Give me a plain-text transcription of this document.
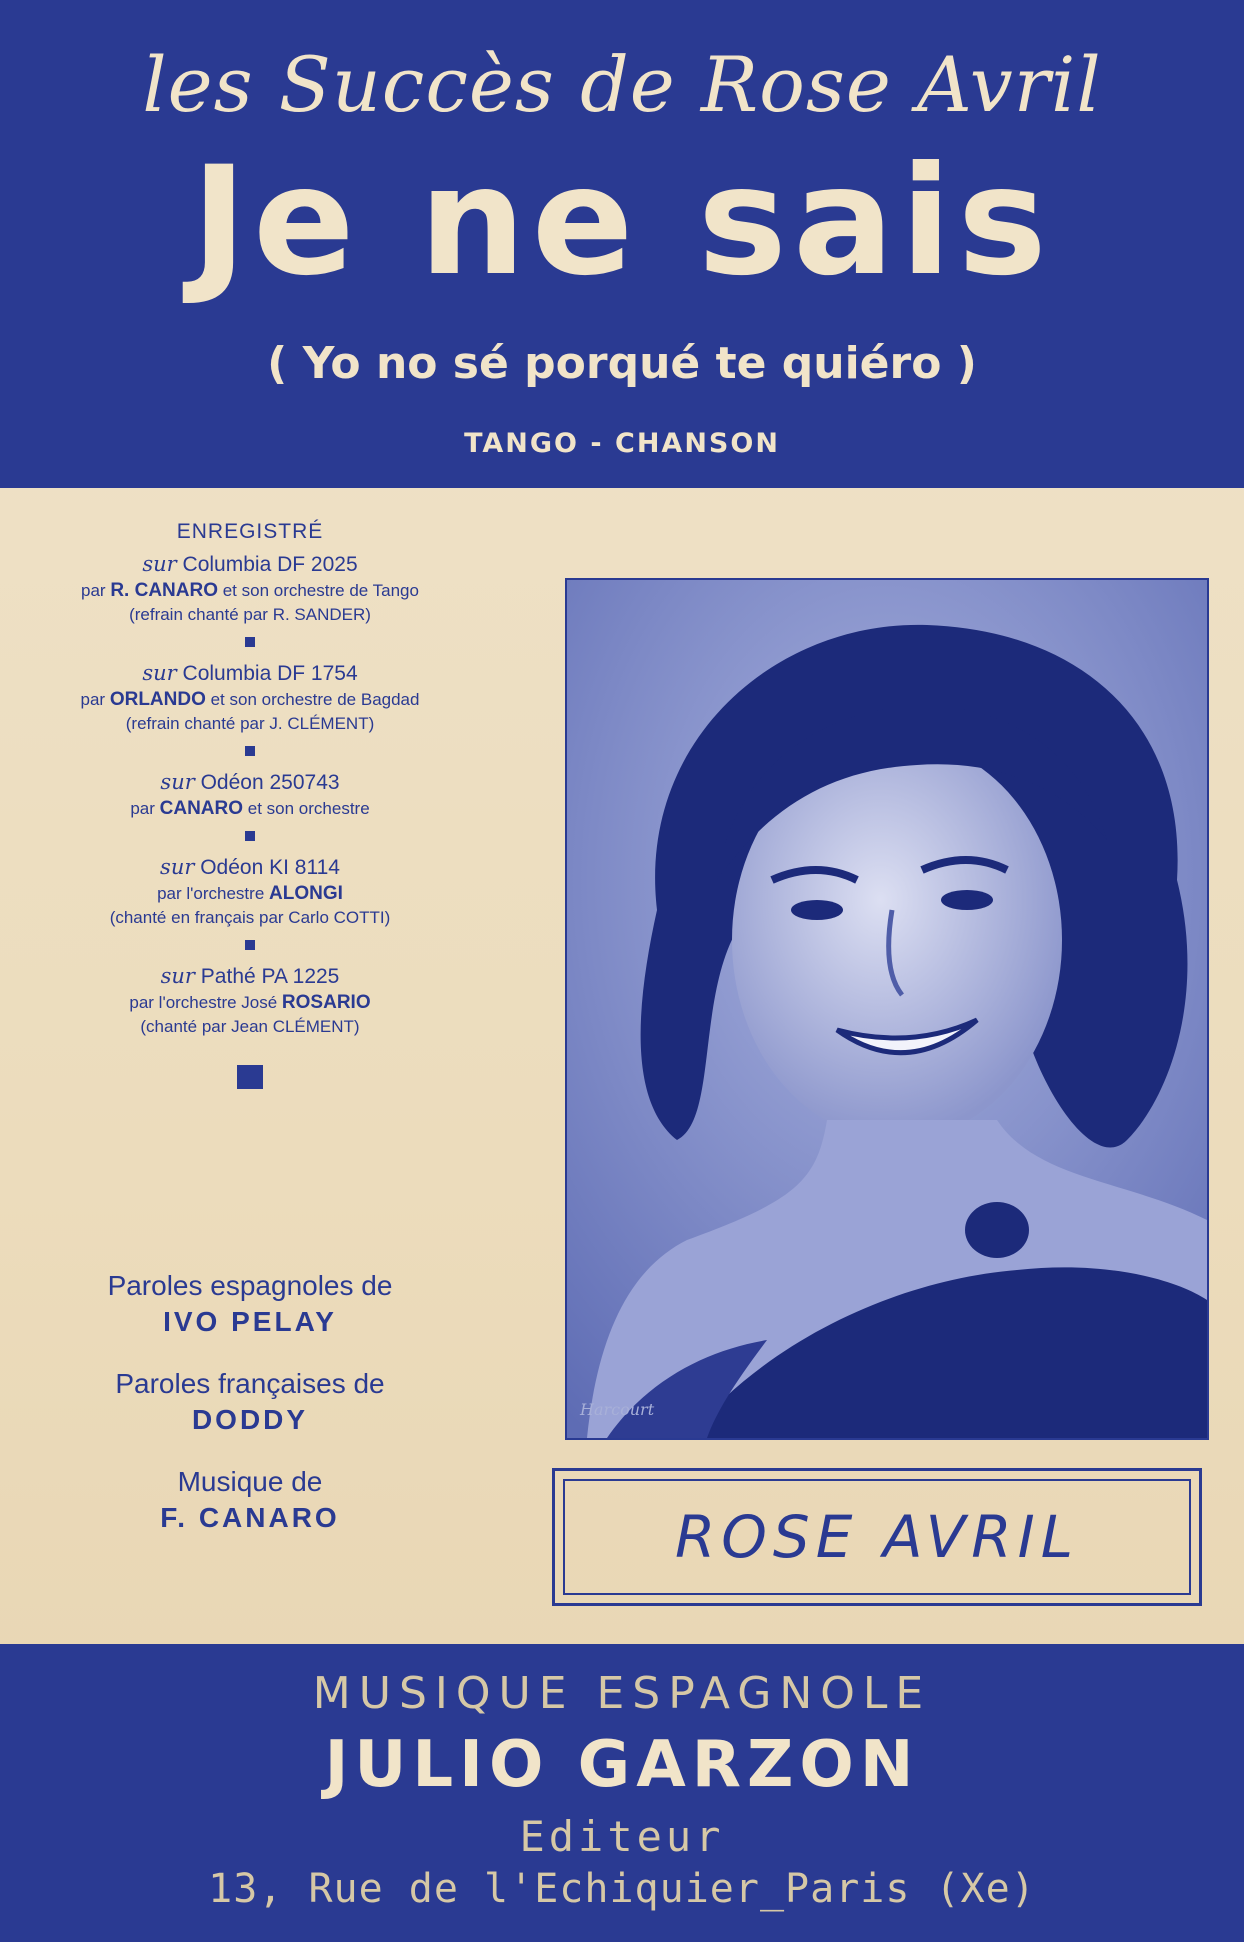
les Succès de Rose Avril
Je ne sais
( Yo no sé porqué te quiéro )
TANGO - CHANSON
ENREGISTRÉ
sur Columbia DF 2025
par R. CANARO et son orchestre de Tango
(refrain chanté par R. SANDER)
sur Columbia DF 1754
par ORLANDO et son orchestre de Bagdad
(refrain chanté par J. CLÉMENT)
sur Odéon 250743
par CANARO et son orchestre
sur Odéon KI 8114
par l'orchestre ALONGI
(chanté en français par Carlo COTTI)
sur Pathé PA 1225
par l'orchestre José ROSARIO
(chanté par Jean CLÉMENT)
Paroles espagnoles de
IVO PELAY
Paroles françaises de
DODDY
Musique de
F. CANARO
Harcourt
ROSE AVRIL
MUSIQUE ESPAGNOLE
JULIO GARZON
Editeur
13, Rue de l'Echiquier_Paris (Xe)
